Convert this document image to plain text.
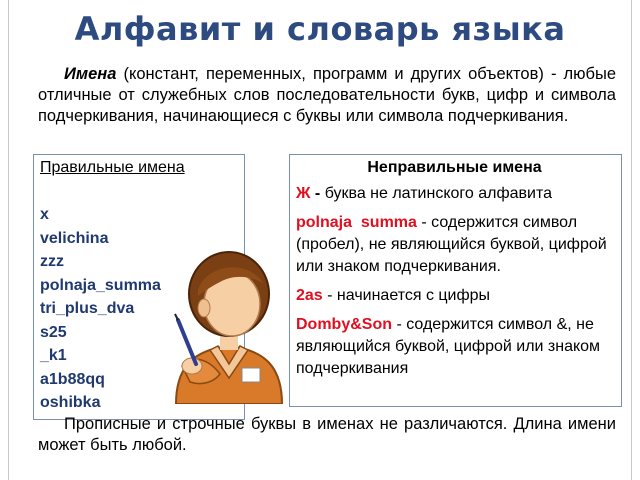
Алфавит и словарь языка
Имена (констант, переменных, программ и других объектов) - любые отличные от служебных слов последовательности букв, цифр и символа подчеркивания, начинающиеся с буквы или символа подчеркивания.
Правильные имена
x
velichina
zzz
polnaja_summa
tri_plus_dva
s25
_k1
a1b88qq
oshibka
Неправильные имена
Ж - буква не латинского алфавита
polnaja  summa - содержится символ (пробел), не являющийся буквой, цифрой или знаком подчеркивания.
2as - начинается с цифры
Domby&Son - содержится символ &, не являющийся буквой, цифрой или знаком подчеркивания
Прописные и строчные буквы в именах не различаются. Длина имени может быть любой.
